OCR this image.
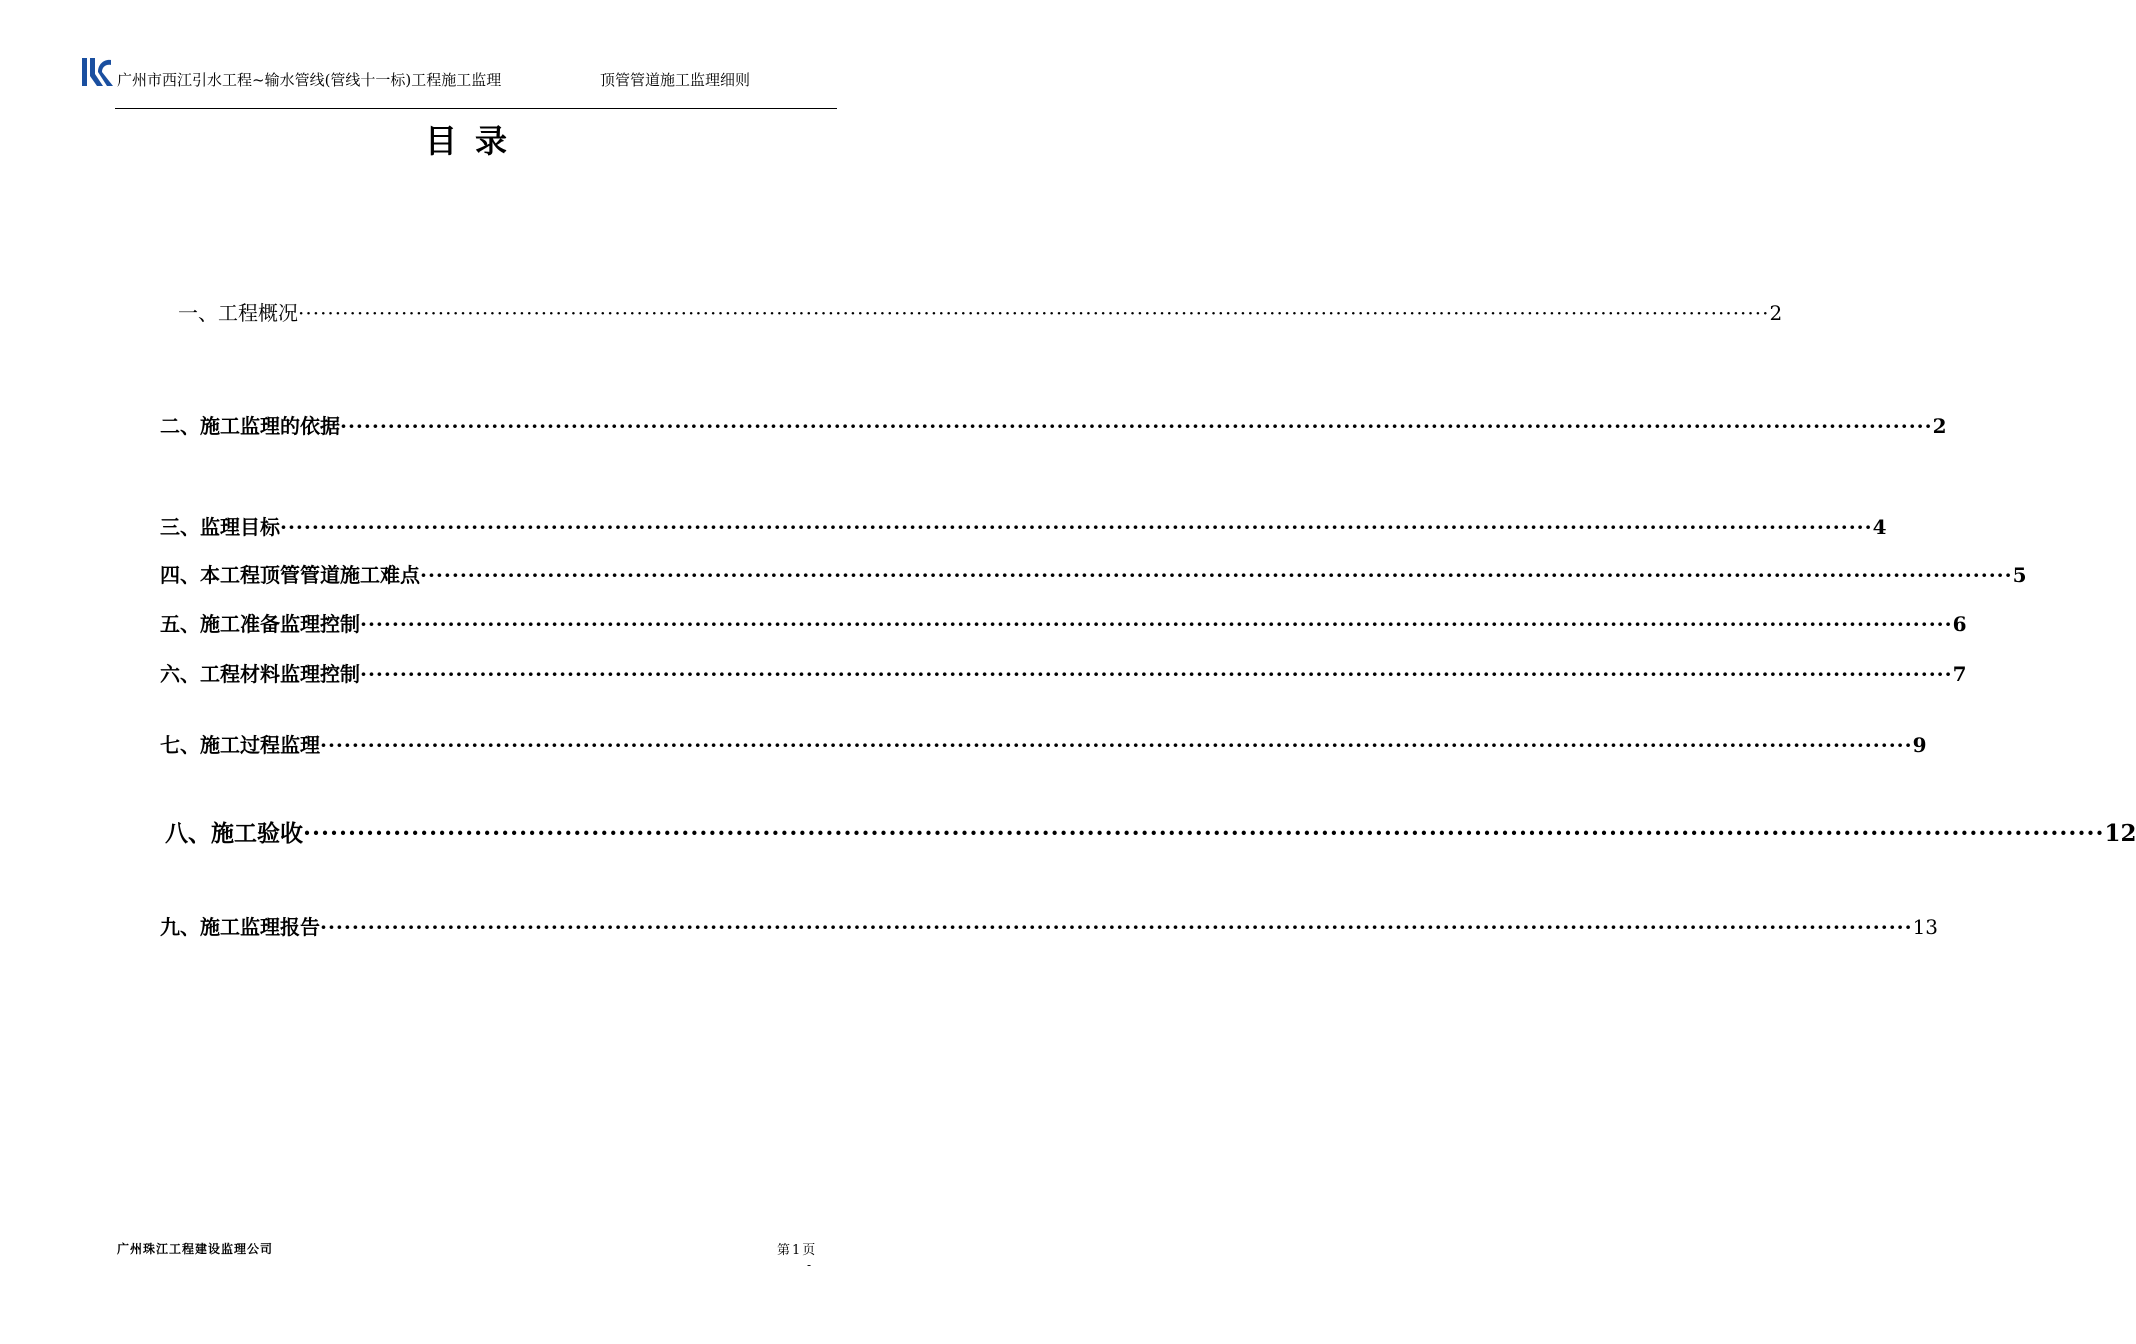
广州市西江引水工程~输水管线(管线十一标)工程施工监理	顶管管道施工监理细则
目录
一、工程概况 ········································································································································································································ 2
二、施工监理的依据 ········································································································································································································ 2
三、监理目标 ········································································································································································································ 4
四、本工程顶管管道施工难点 ········································································································································································································ 5
五、施工准备监理控制 ········································································································································································································ 6
六、工程材料监理控制 ········································································································································································································ 7
七、施工过程监理 ········································································································································································································ 9
八、施工验收 ········································································································································································································ 12
九、施工监理报告 ········································································································································································································ 13
广州珠江工程建设监理公司	第 1 页
-
